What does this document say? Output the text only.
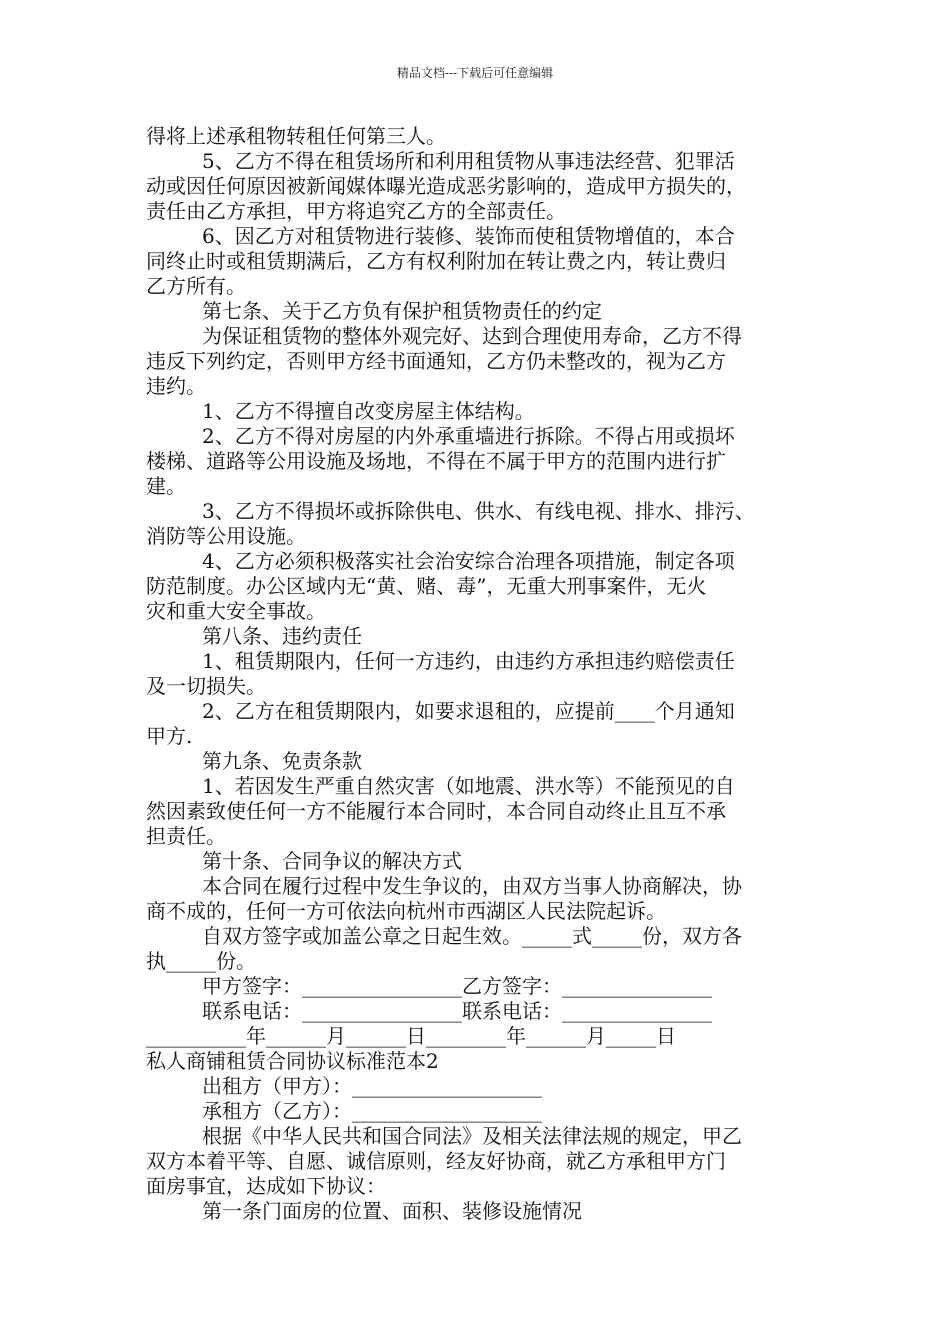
精品文档---下载后可任意编辑
得将上述承租物转租任何第三人。
5、乙方不得在租赁场所和利用租赁物从事违法经营、犯罪活
动或因任何原因被新闻媒体曝光造成恶劣影响的，造成甲方损失的，
责任由乙方承担，甲方将追究乙方的全部责任。
6、因乙方对租赁物进行装修、装饰而使租赁物增值的，本合
同终止时或租赁期满后，乙方有权利附加在转让费之内，转让费归
乙方所有。
第七条、关于乙方负有保护租赁物责任的约定
为保证租赁物的整体外观完好、达到合理使用寿命，乙方不得
违反下列约定，否则甲方经书面通知，乙方仍未整改的，视为乙方
违约。
1、乙方不得擅自改变房屋主体结构。
2、乙方不得对房屋的内外承重墙进行拆除。不得占用或损坏
楼梯、道路等公用设施及场地，不得在不属于甲方的范围内进行扩
建。
3、乙方不得损坏或拆除供电、供水、有线电视、排水、排污、
消防等公用设施。
4、乙方必须积极落实社会治安综合治理各项措施，制定各项
防范制度。办公区域内无“黄、赌、毒”，无重大刑事案件，无火
灾和重大安全事故。
第八条、违约责任
1、租赁期限内，任何一方违约，由违约方承担违约赔偿责任
及一切损失。
2、乙方在租赁期限内，如要求退租的，应提前____个月通知
甲方.
第九条、免责条款
1、若因发生严重自然灾害（如地震、洪水等）不能预见的自
然因素致使任何一方不能履行本合同时，本合同自动终止且互不承
担责任。
第十条、合同争议的解决方式
本合同在履行过程中发生争议的，由双方当事人协商解决，协
商不成的，任何一方可依法向杭州市西湖区人民法院起诉。
自双方签字或加盖公章之日起生效。_____式_____份，双方各
执_____份。
甲方签字：________________乙方签字：_______________
联系电话：________________联系电话：_______________
__________年______月______日________年______月_____日
私人商铺租赁合同协议标准范本2
出租方（甲方）：___________________
承租方（乙方）：___________________
根据《中华人民共和国合同法》及相关法律法规的规定，甲乙
双方本着平等、自愿、诚信原则，经友好协商，就乙方承租甲方门
面房事宜，达成如下协议：
第一条门面房的位置、面积、装修设施情况
